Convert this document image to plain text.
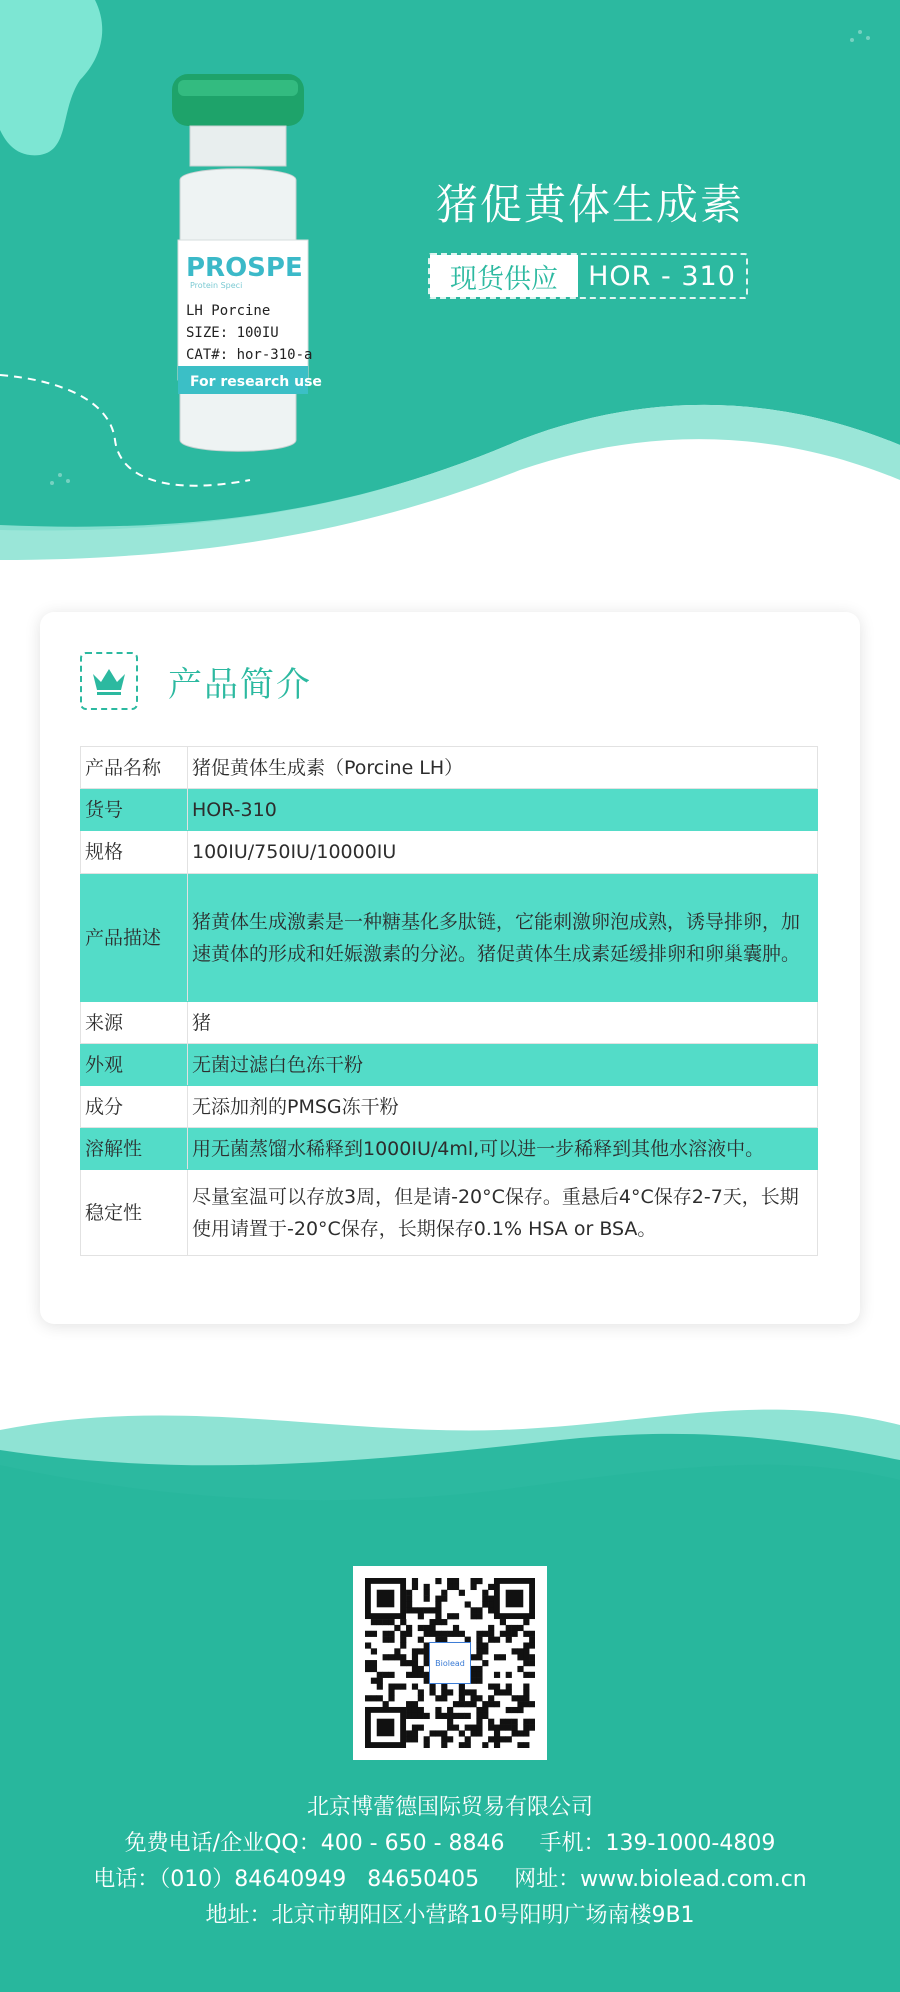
PROSPE
Protein Speci
LH Porcine
SIZE: 100IU
CAT#: hor-310-a
For research use
猪促黄体生成素
现货供应	HOR - 310
产品简介
产品名称	猪促黄体生成素（Porcine LH）
货号	HOR-310
规格	100IU/750IU/10000IU
产品描述	猪黄体生成激素是一种糖基化多肽链，它能刺激卵泡成熟，诱导排卵，加速黄体的形成和妊娠激素的分泌。猪促黄体生成素延缓排卵和卵巢囊肿。
来源	猪
外观	无菌过滤白色冻干粉
成分	无添加剂的PMSG冻干粉
溶解性	用无菌蒸馏水稀释到1000IU/4ml,可以进一步稀释到其他水溶液中。
稳定性	尽量室温可以存放3周，但是请-20°C保存。重悬后4°C保存2-7天，长期使用请置于-20°C保存，长期保存0.1% HSA or BSA。
Biolead
北京博蕾德国际贸易有限公司
免费电话/企业QQ：400 - 650 - 8846     手机：139-1000-4809
电话：（010）84640949   84650405     网址：www.biolead.com.cn
地址：北京市朝阳区小营路10号阳明广场南楼9B1
